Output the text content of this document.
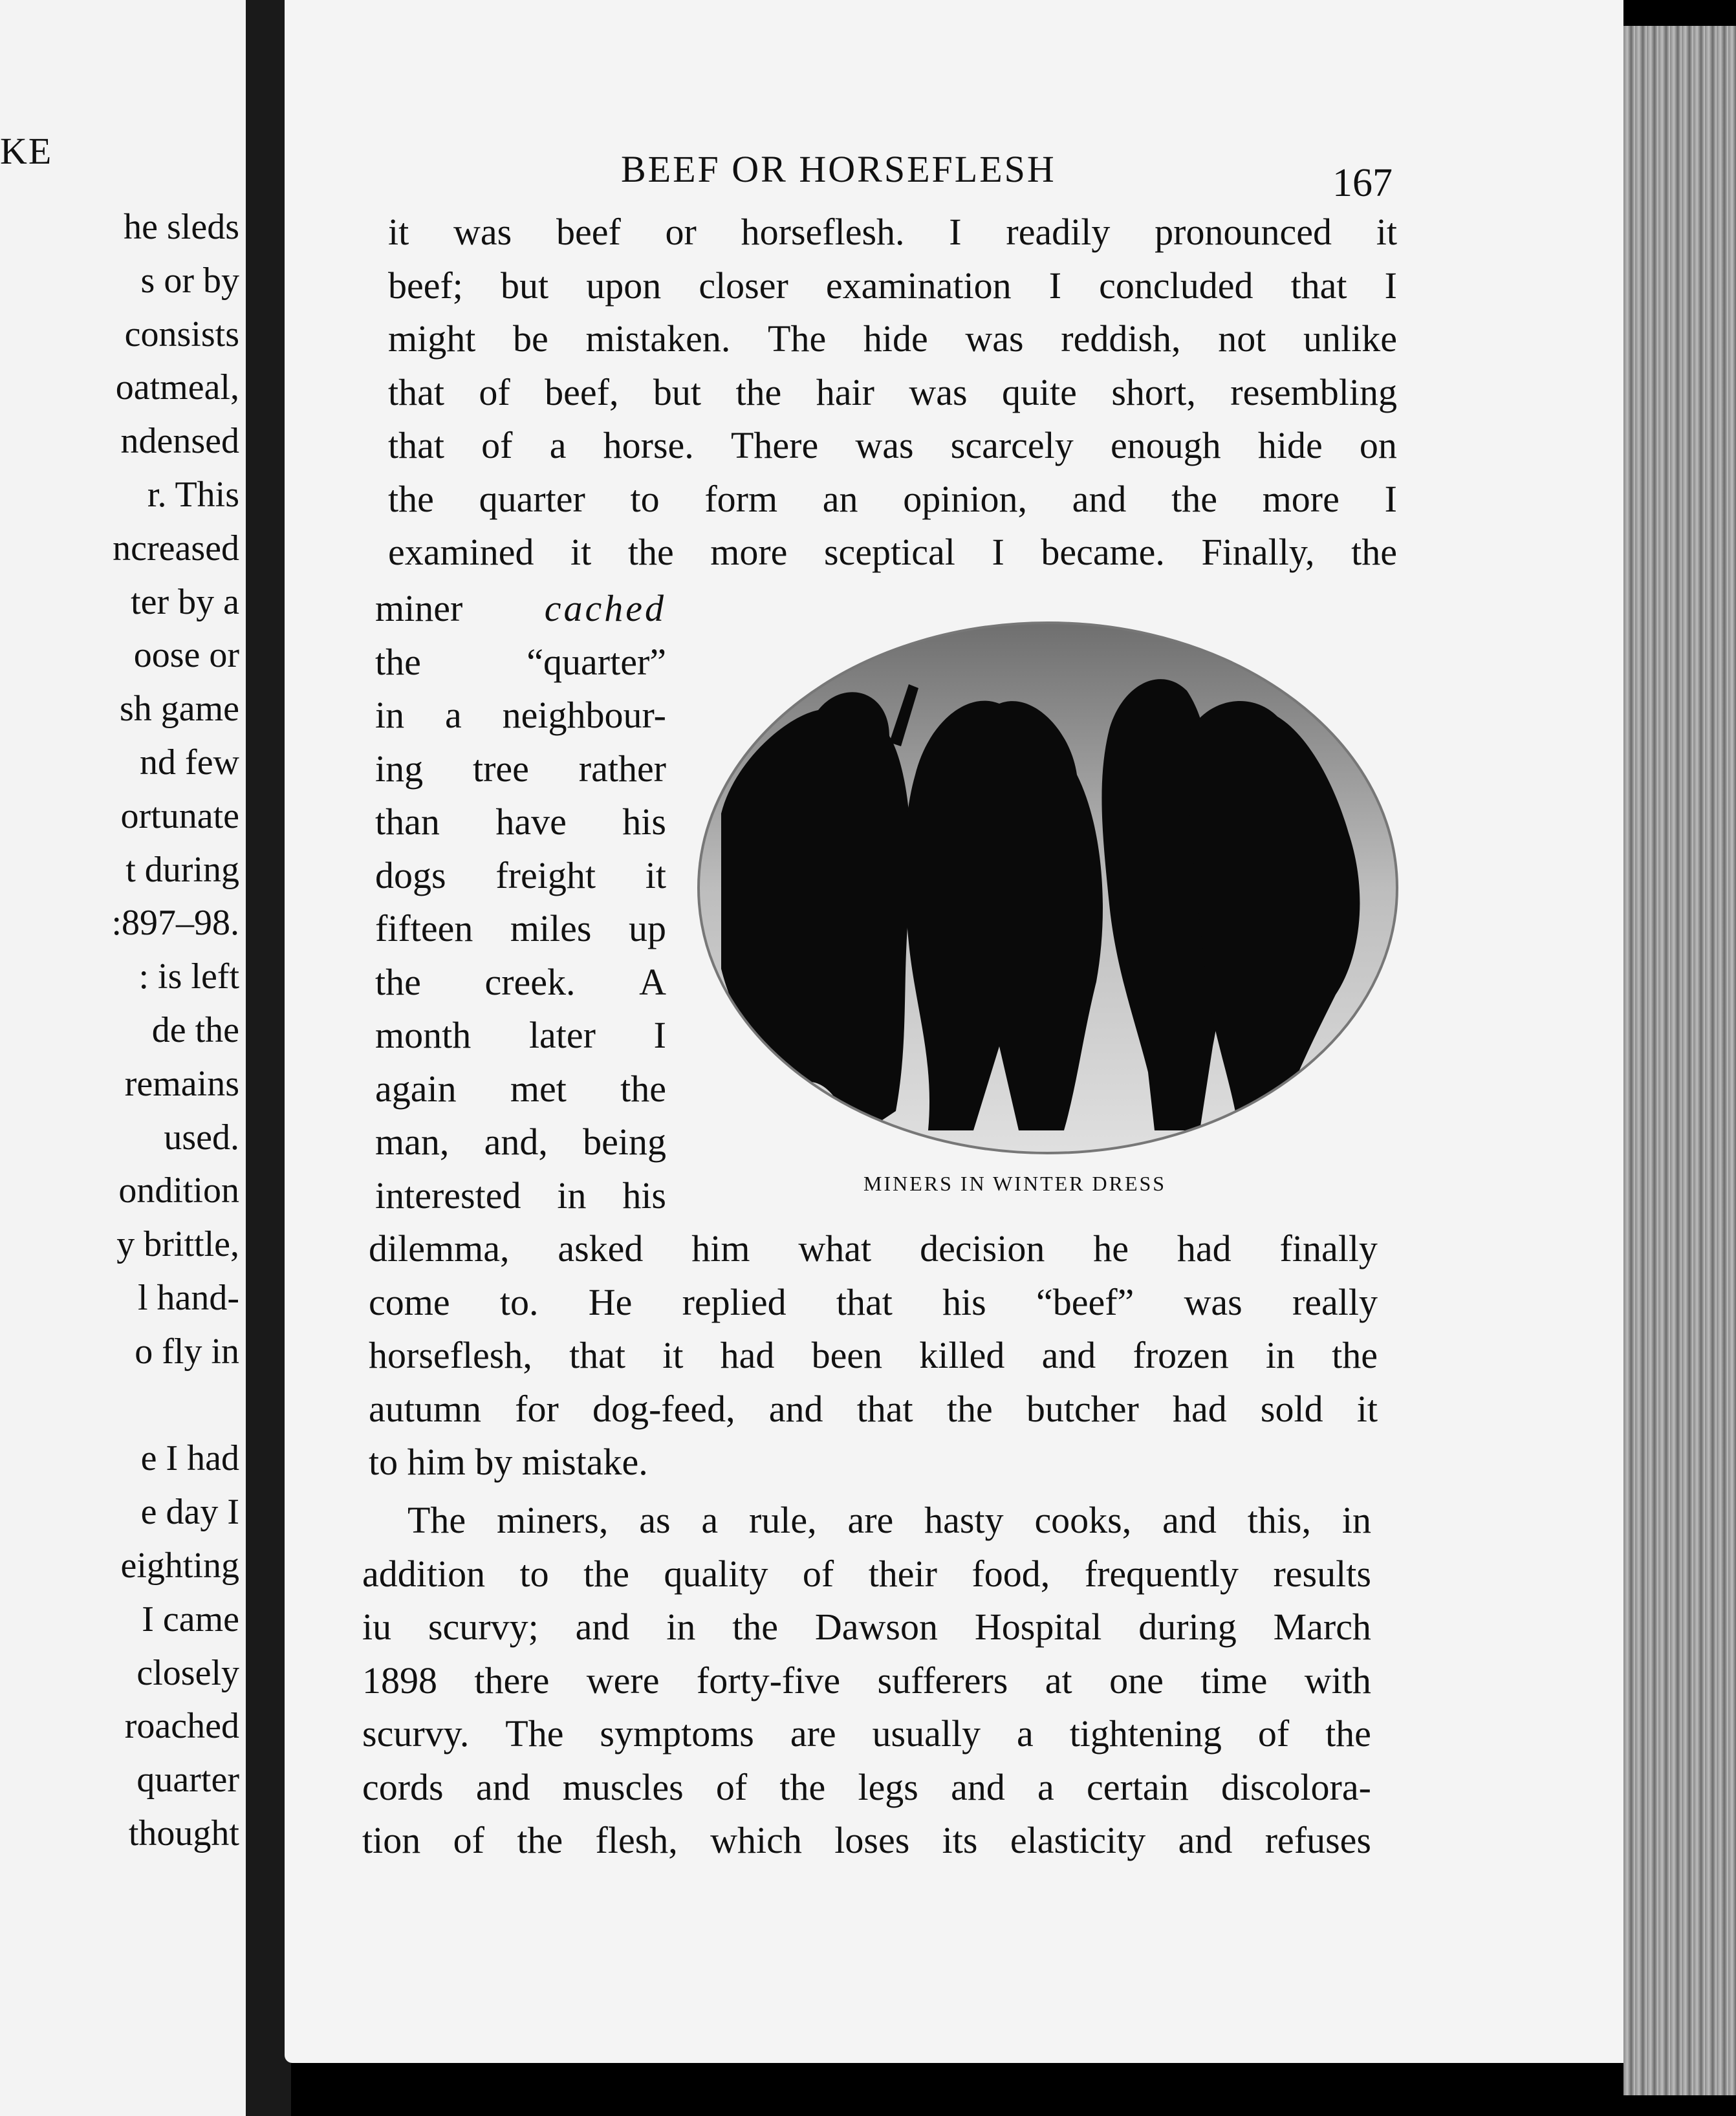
KE
he sleds
s or by
consists
oatmeal,
ndensed
r. This
ncreased
ter by a
oose or
sh game
nd few
ortunate
t during
:897–98.
: is left
de the
remains
used.
ondition
y brittle,
l hand-
o fly in

e I had
e day I
eighting
I came
closely
roached
quarter
thought
BEEF OR HORSEFLESH	167
it was beef or horseflesh. I readily pronounced it
beef; but upon closer examination I concluded that I
might be mistaken. The hide was reddish, not unlike
that of beef, but the hair was quite short, resembling
that of a horse. There was scarcely enough hide on
the quarter to form an opinion, and the more I
examined it the more sceptical I became. Finally, the
miner cached
the	“quarter”
in a neighbour-
ing tree rather
than have his
dogs freight it
fifteen miles up
the creek. A
month later I
again met the
man, and, being
interested in his	MINERS IN WINTER DRESS
dilemma, asked him what decision he had finally
come to. He replied that his “beef” was really
horseflesh, that it had been killed and frozen in the
autumn for dog-feed, and that the butcher had sold it
to him by mistake.
The miners, as a rule, are hasty cooks, and this, in
addition to the quality of their food, frequently results
iu scurvy; and in the Dawson Hospital during March
1898 there were forty-five sufferers at one time with
scurvy. The symptoms are usually a tightening of the
cords and muscles of the legs and a certain discolora-
tion of the flesh, which loses its elasticity and refuses
